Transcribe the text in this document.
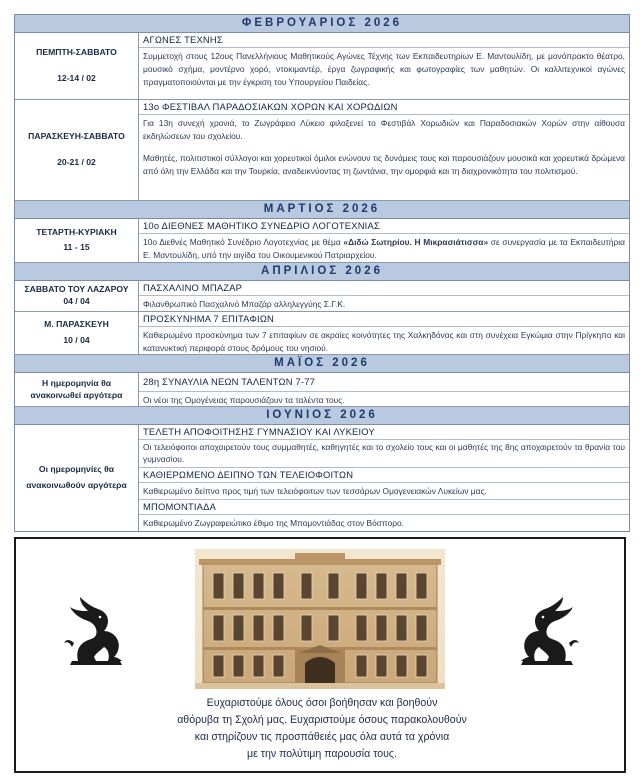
ΦΕΒΡΟΥΑΡΙΟΣ 2026
ΠΕΜΠΤΗ-ΣΑΒΒΑΤΟ
12-14 / 02
ΑΓΩΝΕΣ ΤΕΧΝΗΣ
Συμμετοχή στους 12ους Πανελλήνιους Μαθητικούς Αγώνες Τέχνης των Εκπαιδευτηρίων Ε. Μαντουλίδη, με μονόπρακτο θέατρο, μουσικό σχήμα, μοντέρνο χορό, ντοκιμαντέρ, έργα ζωγραφικής και φωτογραφίες των μαθητών. Οι καλλιτεχνικοί αγώνες πραγματοποιούνται με την έγκριση του Υπουργείου Παιδείας.
ΠΑΡΑΣΚΕΥΗ-ΣΑΒΒΑΤΟ
20-21 / 02
13ο ΦΕΣΤΙΒΑΛ ΠΑΡΑΔΟΣΙΑΚΩΝ ΧΟΡΩΝ ΚΑΙ ΧΟΡΩΔΙΩΝ
Για 13η συνεχή χρονιά, το Ζωγράφειο Λύκειο φιλοξενεί το Φεστιβάλ Χορωδιών και Παραδοσιακών Χορών στην αίθουσα εκδηλώσεων του σχολείου.
Μαθητές, πολιτιστικοί σύλλογοι και χορευτικοί όμιλοι ενώνουν τις δυνάμεις τους και παρουσιάζουν μουσικά και χορευτικά δρώμενα από όλη την Ελλάδα και την Τουρκία, αναδεικνύοντας τη ζωντάνια, την ομορφιά και τη διαχρονικότητα του πολιτισμού.
ΜΑΡΤΙΟΣ 2026
ΤΕΤΑΡΤΗ-ΚΥΡΙΑΚΗ
11 - 15
10ο ΔΙΕΘΝΕΣ ΜΑΘΗΤΙΚΟ ΣΥΝΕΔΡΙΟ ΛΟΓΟΤΕΧΝΙΑΣ
10ο Διεθνές Μαθητικό Συνέδριο Λογοτεχνίας με θέμα «Διδώ Σωτηρίου. Η Μικρασιάτισσα» σε συνεργασία με τα Εκπαιδευτήρια Ε. Μαντουλίδη, υπό την αιγίδα του Οικουμενικού Πατριαρχείου.
ΑΠΡΙΛΙΟΣ 2026
ΣΑΒΒΑΤΟ ΤΟΥ ΛΑΖΑΡΟΥ
04 / 04
ΠΑΣΧΑΛΙΝΟ ΜΠΑΖΑΡ
Φιλανθρωπικό Πασχαλινό Μπαζάρ αλληλεγγύης Σ.Γ.Κ.
Μ. ΠΑΡΑΣΚΕΥΗ
10 / 04
ΠΡΟΣΚΥΝΗΜΑ 7 ΕΠΙΤΑΦΙΩΝ
Καθιερωμένο προσκύνημα των 7 επιταφίων σε ακραίες κοινότητες της Χαλκηδόνας και στη συνέχεια Εγκώμια στην Πρίγκηπο και κατανυκτική περιφορά στους δρόμους του νησιού.
ΜΑΪΟΣ 2026
Η ημερομηνία θα
ανακοινωθεί αργότερα
28η ΣΥΝΑΥΛΙΑ ΝΕΩΝ ΤΑΛΕΝΤΩΝ 7-77
Οι νέοι της Ομογένειας παρουσιάζουν τα ταλέντα τους.
ΙΟΥΝΙΟΣ 2026
Οι ημερομηνίες θα
ανακοινωθούν αργότερα
ΤΕΛΕΤΗ ΑΠΟΦΟΙΤΗΣΗΣ ΓΥΜΝΑΣΙΟΥ ΚΑΙ ΛΥΚΕΙΟΥ
Οι τελειόφοιτοι αποχαιρετούν τους συμμαθητές, καθηγητές και το σχολείο τους και οι μαθητές της 8ης αποχαιρετούν τα θρανία του γυμνασίου.
ΚΑΘΙΕΡΩΜΕΝΟ ΔΕΙΠΝΟ ΤΩΝ ΤΕΛΕΙΟΦΟΙΤΩΝ
Καθιερωμένο δείπνο προς τιμή των τελειόφοιτων των τεσσάρων Ομογενειακών Λυκείων μας.
ΜΠΟΜΟΝΤΙΑΔΑ
Καθιερωμένο Ζωγραφειώτικο έθιμο της Μπομοντιάδας στον Βόσπορο.
Ευχαριστούμε όλους όσοι βοήθησαν και βοηθούν
αθόρυβα τη Σχολή μας. Ευχαριστούμε όσους παρακολουθούν
και στηρίζουν τις προσπάθειές μας όλα αυτά τα χρόνια
με την πολύτιμη παρουσία τους.
